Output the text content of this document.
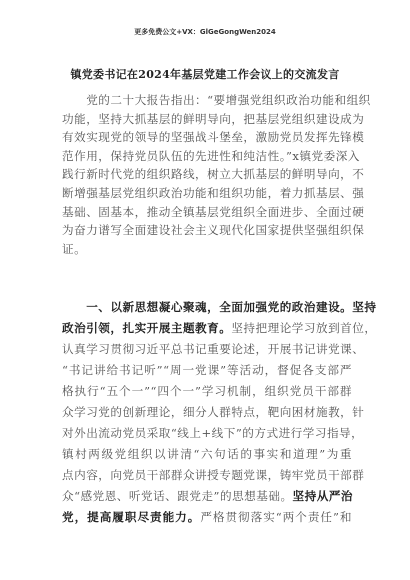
更多免费公文+VX：GlGeGongWen2024
镇党委书记在2024年基层党建工作会议上的交流发言
　　党的二十大报告指出：“要增强党组织政治功能和组织
功能，坚持大抓基层的鲜明导向，把基层党组织建设成为
有效实现党的领导的坚强战斗堡垒，激励党员发挥先锋模
范作用，保持党员队伍的先进性和纯洁性。”x镇党委深入
践行新时代党的组织路线，树立大抓基层的鲜明导向，不
断增强基层党组织政治功能和组织功能，着力抓基层、强
基础、固基本，推动全镇基层党组织全面进步、全面过硬
为奋力谱写全面建设社会主义现代化国家提供坚强组织保
证。
　　一、以新思想凝心聚魂，全面加强党的政治建设。坚持
政治引领，扎实开展主题教育。坚持把理论学习放到首位，
认真学习贯彻习近平总书记重要论述，开展书记讲党课、
“书记讲给书记听”“周一党课”等活动，督促各支部严
格执行“五个一”“四个一”学习机制，组织党员干部群
众学习党的创新理论，细分人群特点，靶向困材施教，针
对外出流动党员采取“线上+线下”的方式进行学习指导，
镇村两级党组织以讲清“六句话的事实和道理”为重
点内容，向党员干部群众讲授专题党课，铸牢党员干部群
众“感党恩、听党话、跟党走”的思想基础。坚持从严治
党，提高履职尽责能力。严格贯彻落实“两个责任”和
